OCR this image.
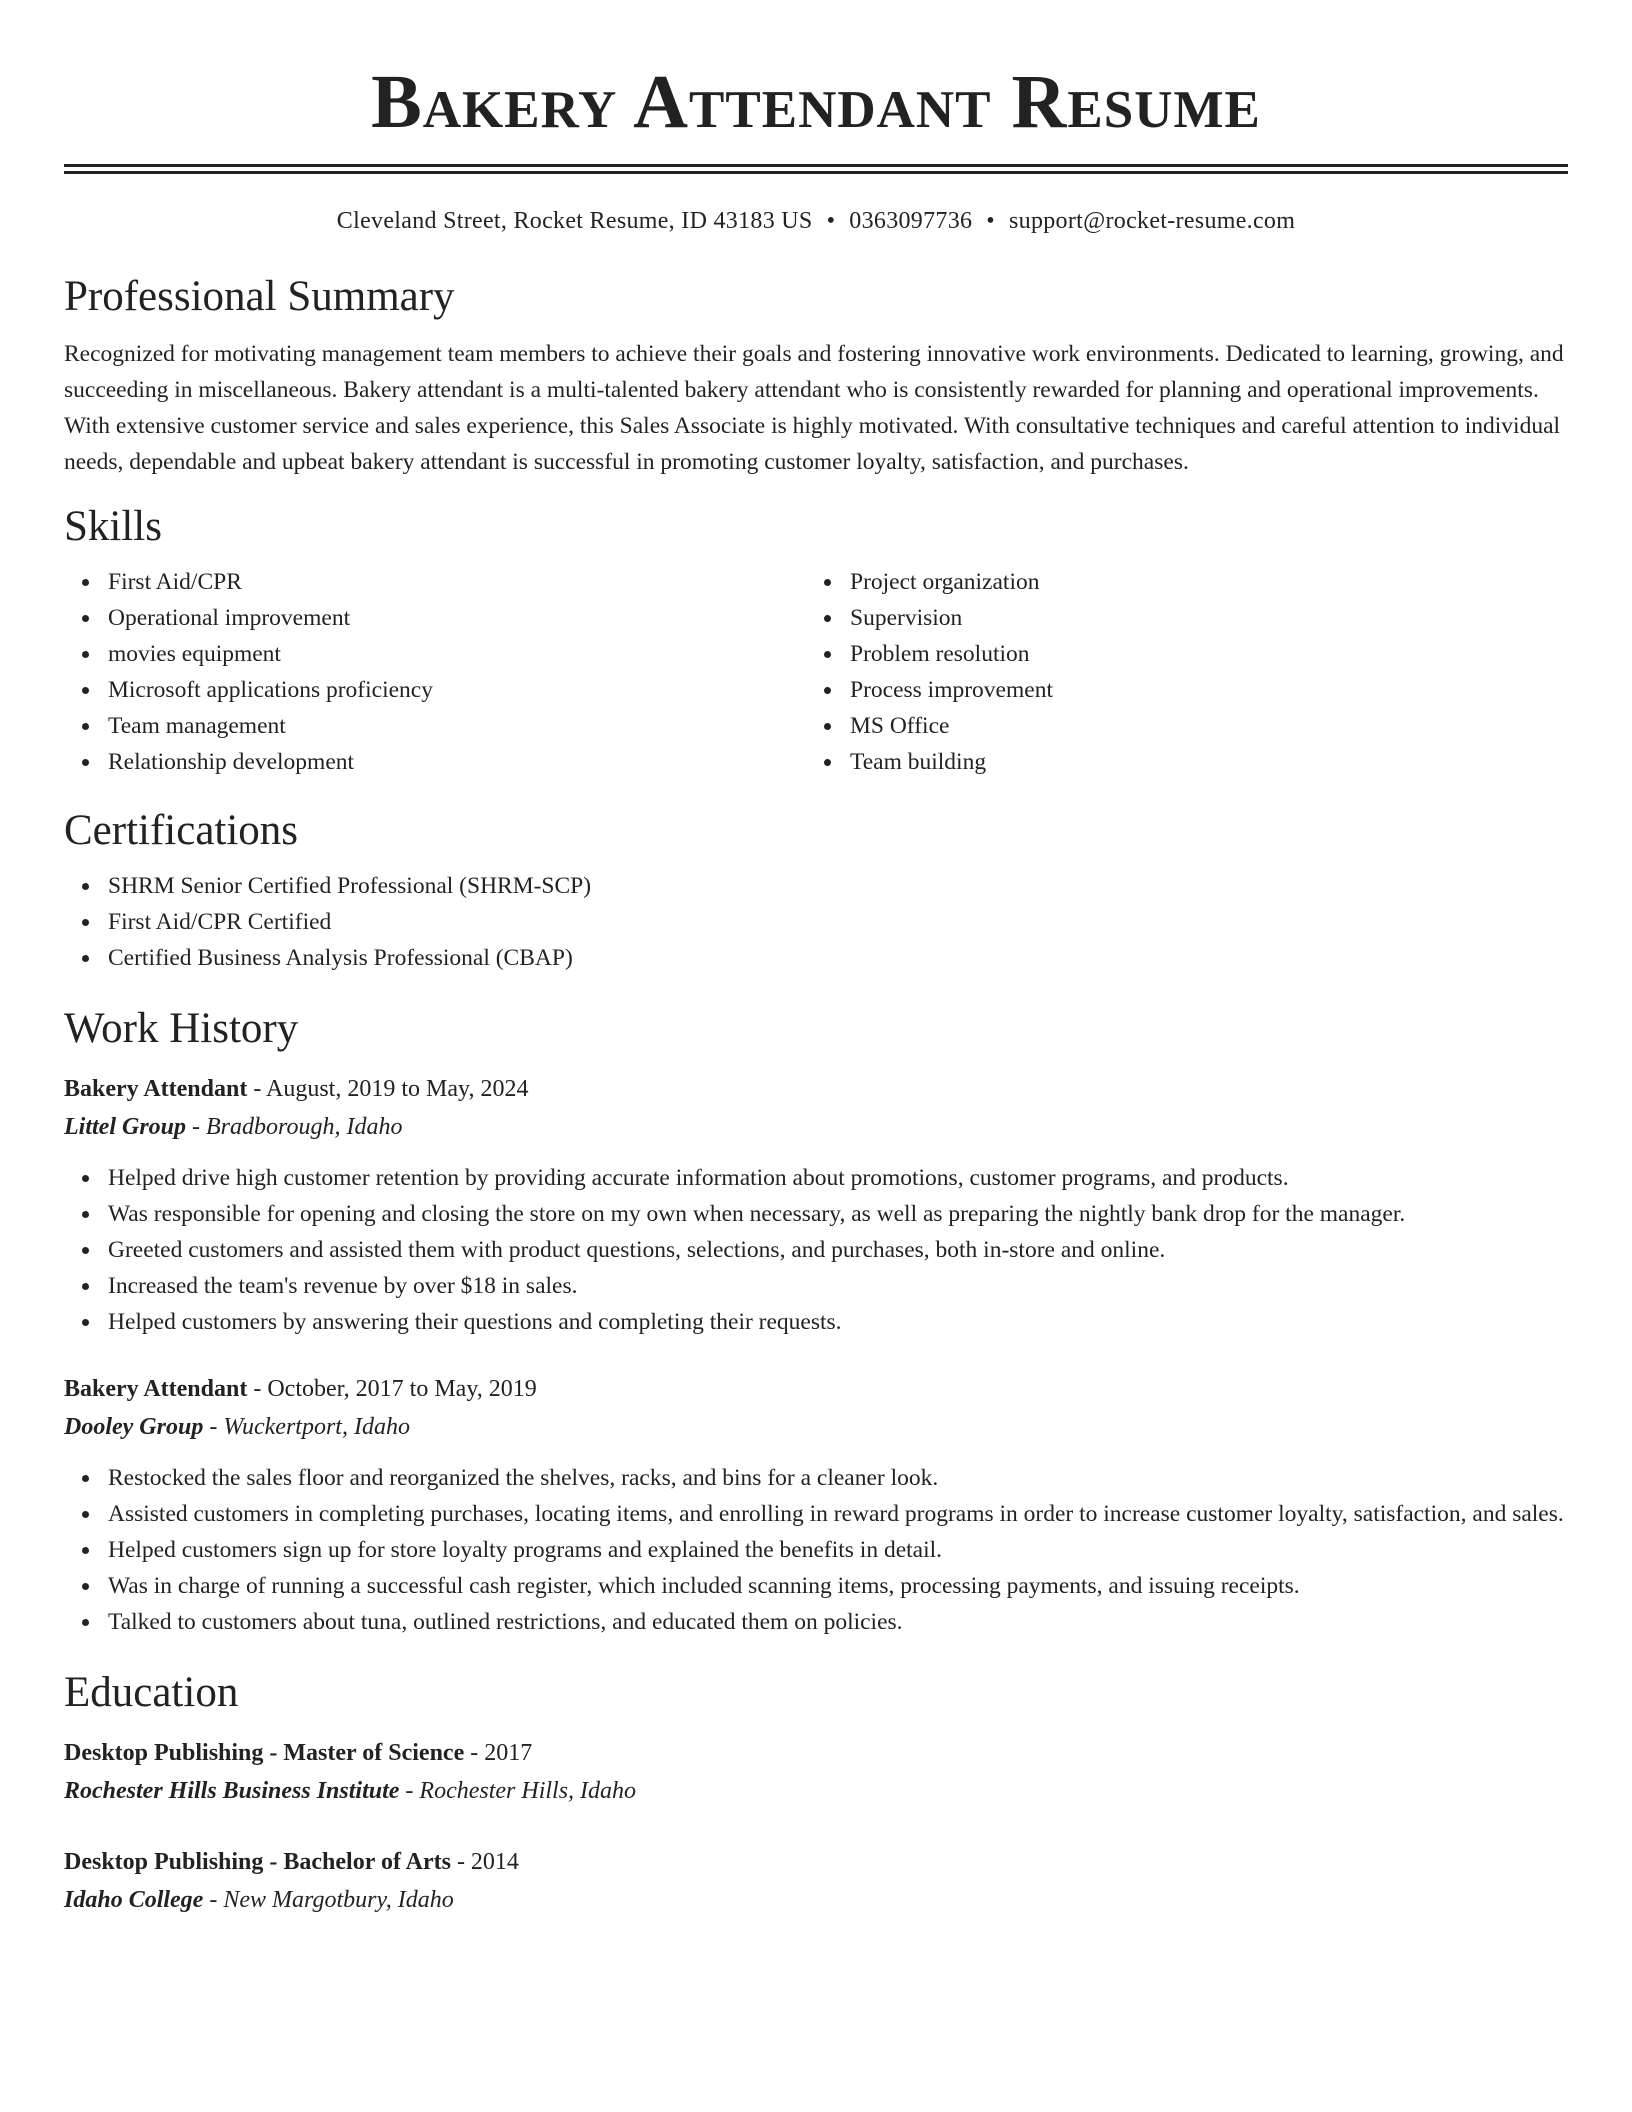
Bakery Attendant Resume
Cleveland Street, Rocket Resume, ID 43183 US • 0363097736 • support@rocket-resume.com
Professional Summary

Recognized for motivating management team members to achieve their goals and fostering innovative work environments. Dedicated to learning, growing, and succeeding in miscellaneous. Bakery attendant is a multi-talented bakery attendant who is consistently rewarded for planning and operational improvements. With extensive customer service and sales experience, this Sales Associate is highly motivated. With consultative techniques and careful attention to individual needs, dependable and upbeat bakery attendant is successful in promoting customer loyalty, satisfaction, and purchases.

Skills
First Aid/CPR
Operational improvement
movies equipment
Microsoft applications proficiency
Team management
Relationship development
Project organization
Supervision
Problem resolution
Process improvement
MS Office
Team building
Certifications
SHRM Senior Certified Professional (SHRM-SCP)
First Aid/CPR Certified
Certified Business Analysis Professional (CBAP)
Work History
Bakery Attendant - August, 2019 to May, 2024
Littel Group - Bradborough, Idaho
Helped drive high customer retention by providing accurate information about promotions, customer programs, and products.
Was responsible for opening and closing the store on my own when necessary, as well as preparing the nightly bank drop for the manager.
Greeted customers and assisted them with product questions, selections, and purchases, both in-store and online.
Increased the team's revenue by over $18 in sales.
Helped customers by answering their questions and completing their requests.
Bakery Attendant - October, 2017 to May, 2019
Dooley Group - Wuckertport, Idaho
Restocked the sales floor and reorganized the shelves, racks, and bins for a cleaner look.
Assisted customers in completing purchases, locating items, and enrolling in reward programs in order to increase customer loyalty, satisfaction, and sales.
Helped customers sign up for store loyalty programs and explained the benefits in detail.
Was in charge of running a successful cash register, which included scanning items, processing payments, and issuing receipts.
Talked to customers about tuna, outlined restrictions, and educated them on policies.
Education
Desktop Publishing - Master of Science - 2017
Rochester Hills Business Institute - Rochester Hills, Idaho
Desktop Publishing - Bachelor of Arts - 2014
Idaho College - New Margotbury, Idaho
